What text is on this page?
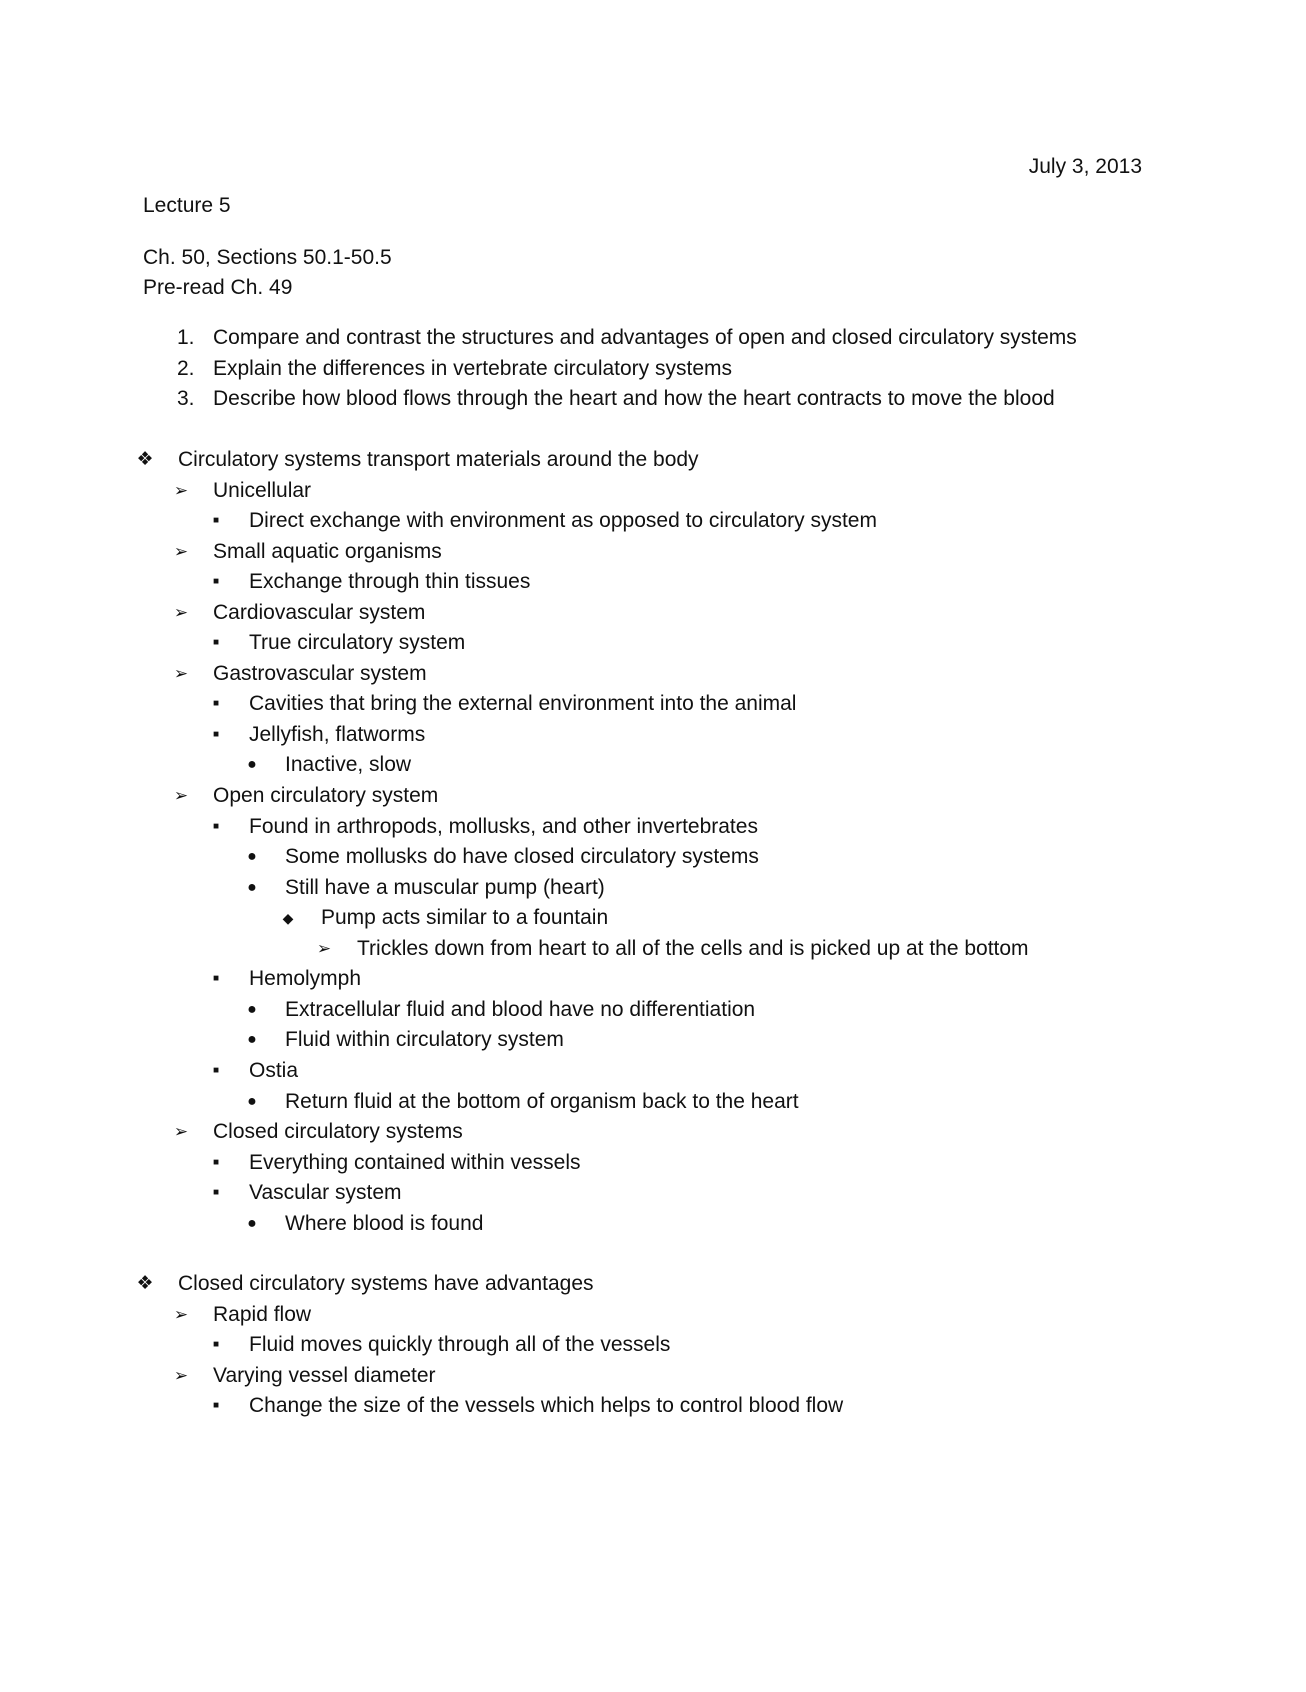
July 3, 2013
Lecture 5
Ch. 50, Sections 50.1-50.5
Pre-read Ch. 49
1. Compare and contrast the structures and advantages of open and closed circulatory systems
2. Explain the differences in vertebrate circulatory systems
3. Describe how blood flows through the heart and how the heart contracts to move the blood
❖ Circulatory systems transport materials around the body
➢ Unicellular
■ Direct exchange with environment as opposed to circulatory system
➢ Small aquatic organisms
■ Exchange through thin tissues
➢ Cardiovascular system
■ True circulatory system
➢ Gastrovascular system
■ Cavities that bring the external environment into the animal
■ Jellyfish, flatworms
● Inactive, slow
➢ Open circulatory system
■ Found in arthropods, mollusks, and other invertebrates
● Some mollusks do have closed circulatory systems
● Still have a muscular pump (heart)
◆ Pump acts similar to a fountain
➢ Trickles down from heart to all of the cells and is picked up at the bottom
■ Hemolymph
● Extracellular fluid and blood have no differentiation
● Fluid within circulatory system
■ Ostia
● Return fluid at the bottom of organism back to the heart
➢ Closed circulatory systems
■ Everything contained within vessels
■ Vascular system
● Where blood is found
❖ Closed circulatory systems have advantages
➢ Rapid flow
■ Fluid moves quickly through all of the vessels
➢ Varying vessel diameter
■ Change the size of the vessels which helps to control blood flow
